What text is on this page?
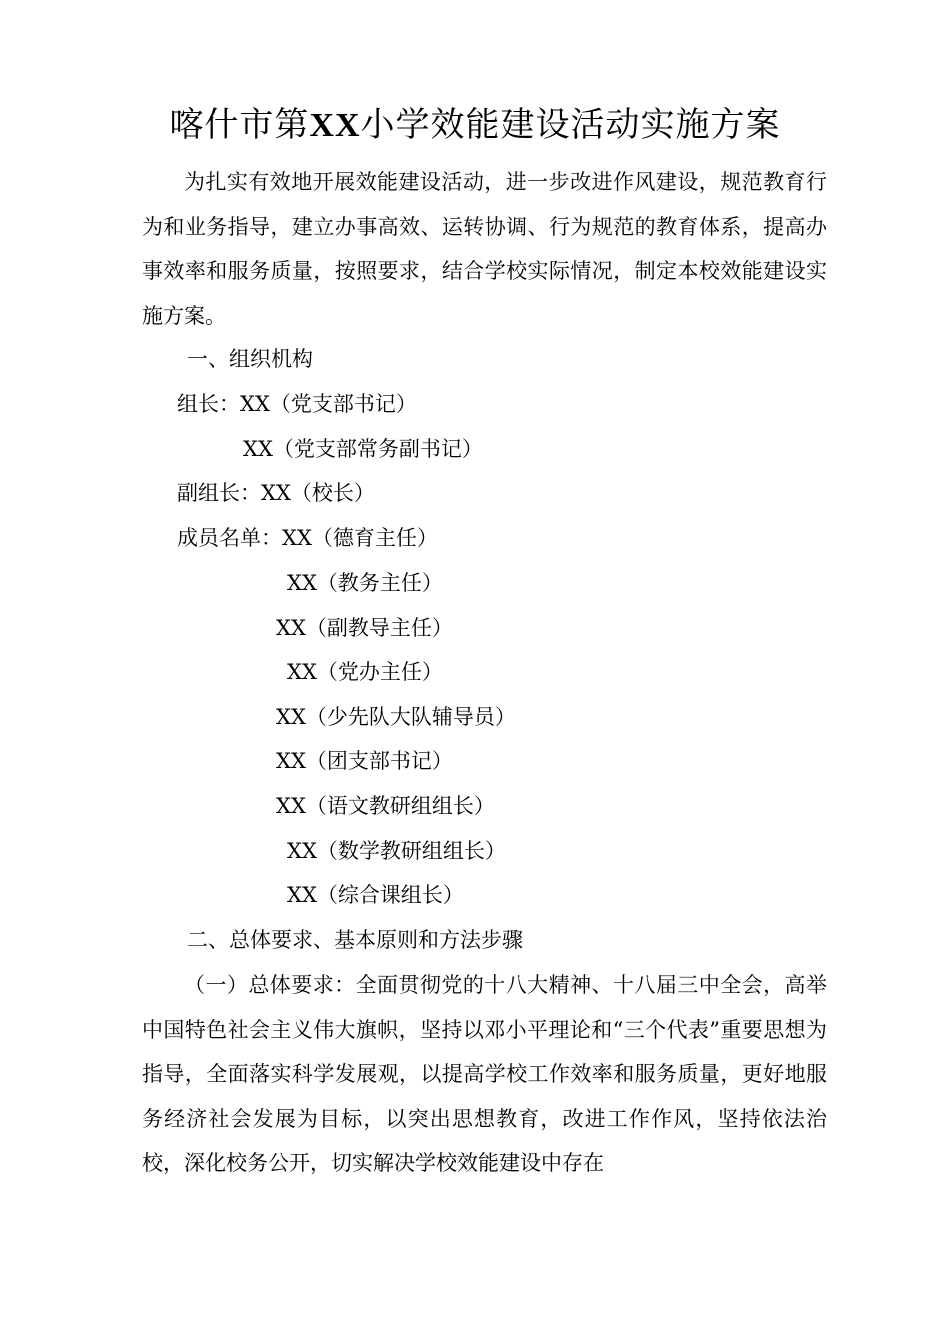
喀什市第XX小学效能建设活动实施方案

为扎实有效地开展效能建设活动，进一步改进作风建设，规范教育行为和业务指导，建立办事高效、运转协调、行为规范的教育体系，提高办事效率和服务质量，按照要求，结合学校实际情况，制定本校效能建设实施方案。

一、组织机构

组长：XX（党支部书记）

XX（党支部常务副书记）

副组长：XX（校长）

成员名单：XX（德育主任）

XX（教务主任）

XX（副教导主任）

XX（党办主任）

XX（少先队大队辅导员）

XX（团支部书记）

XX（语文教研组组长）

XX（数学教研组组长）

XX（综合课组长）

二、总体要求、基本原则和方法步骤

（一）总体要求：全面贯彻党的十八大精神、十八届三中全会，高举中国特色社会主义伟大旗帜，坚持以邓小平理论和“三个代表”重要思想为指导，全面落实科学发展观，以提高学校工作效率和服务质量，更好地服务经济社会发展为目标，以突出思想教育，改进工作作风，坚持依法治校，深化校务公开，切实解决学校效能建设中存在
